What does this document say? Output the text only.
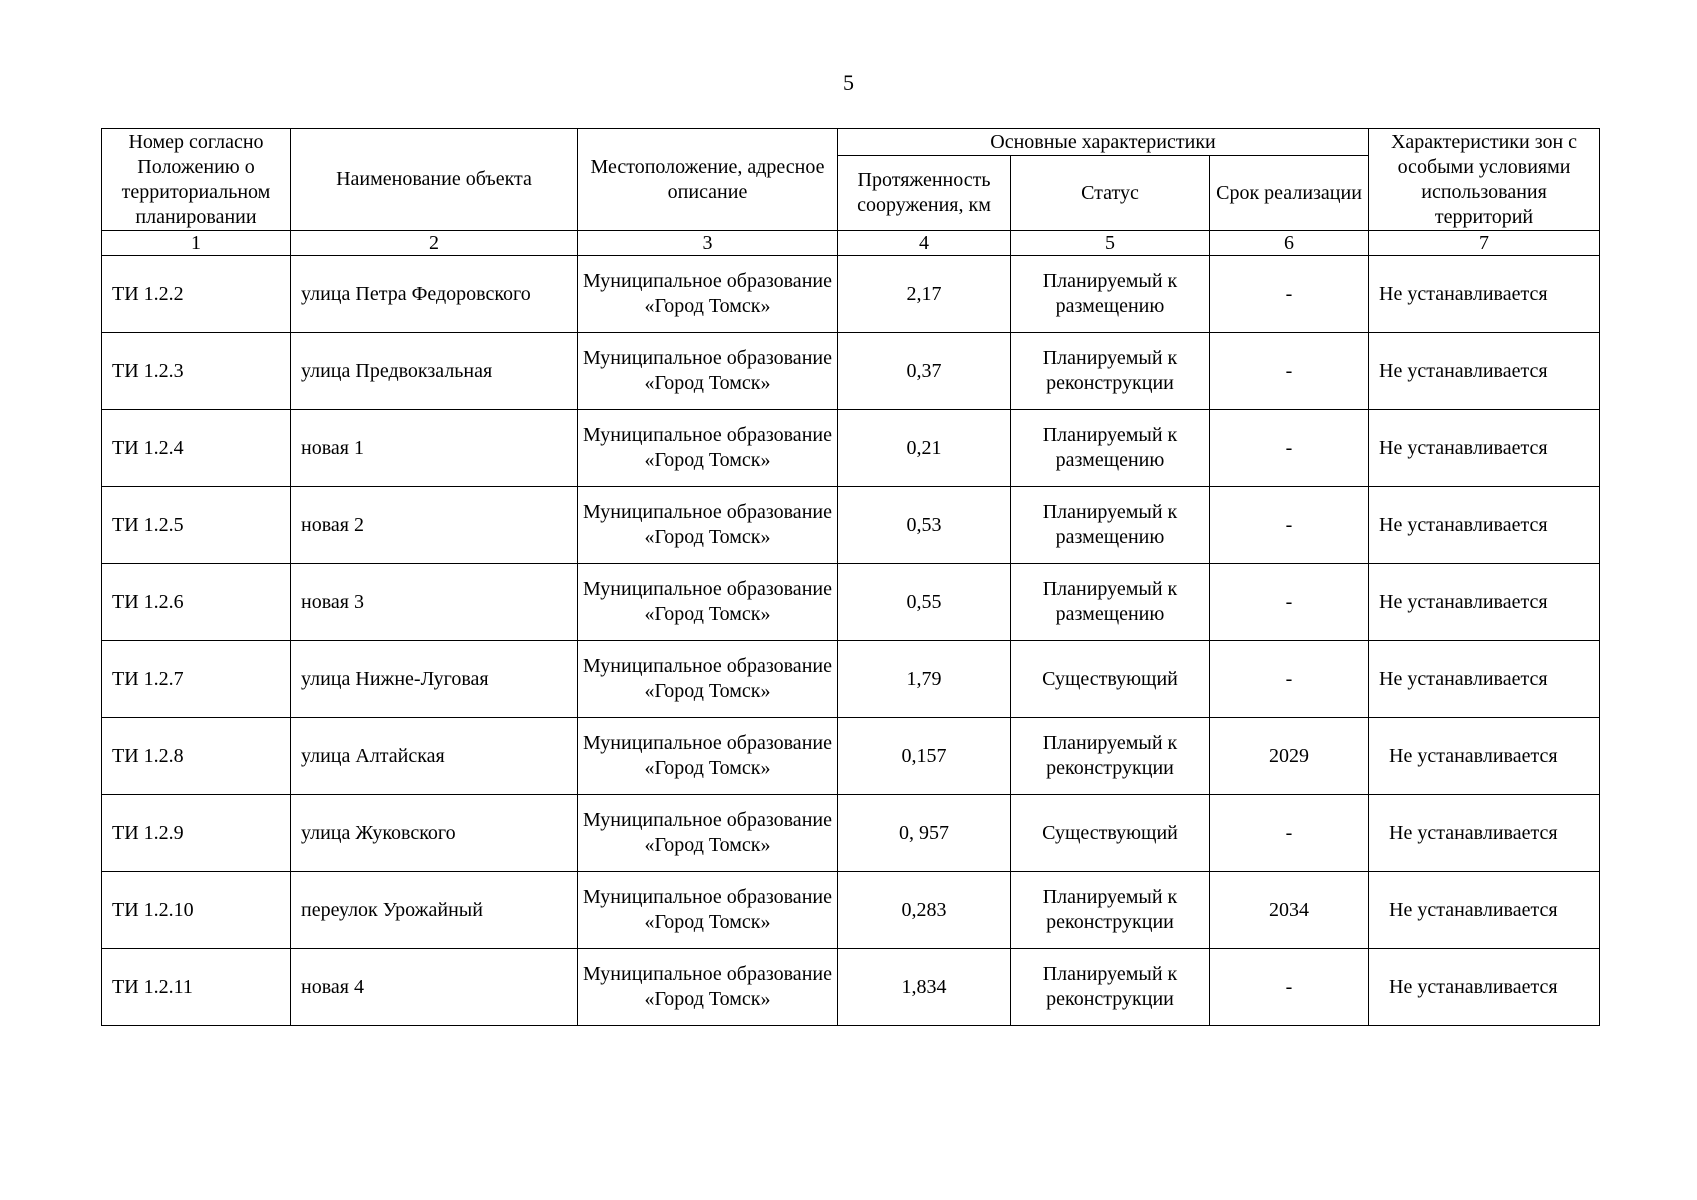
5
Номер согласно Положению о территориальном планировании	Наименование объекта	Местоположение, адресное описание	Основные характеристики			Характеристики зон с особыми условиями использования территорий
			Протяженность сооружения, км	Статус	Срок реализации	
1	2	3	4	5	6	7
ТИ 1.2.2	улица Петра Федоровского	Муниципальное образование «Город Томск»	2,17	Планируемый к размещению	-	Не устанавливается
ТИ 1.2.3	улица Предвокзальная	Муниципальное образование «Город Томск»	0,37	Планируемый к реконструкции	-	Не устанавливается
ТИ 1.2.4	новая 1	Муниципальное образование «Город Томск»	0,21	Планируемый к размещению	-	Не устанавливается
ТИ 1.2.5	новая 2	Муниципальное образование «Город Томск»	0,53	Планируемый к размещению	-	Не устанавливается
ТИ 1.2.6	новая 3	Муниципальное образование «Город Томск»	0,55	Планируемый к размещению	-	Не устанавливается
ТИ 1.2.7	улица Нижне-Луговая	Муниципальное образование «Город Томск»	1,79	Существующий	-	Не устанавливается
ТИ 1.2.8	улица Алтайская	Муниципальное образование «Город Томск»	0,157	Планируемый к реконструкции	2029	Не устанавливается
ТИ 1.2.9	улица Жуковского	Муниципальное образование «Город Томск»	0, 957	Существующий	-	Не устанавливается
ТИ 1.2.10	переулок Урожайный	Муниципальное образование «Город Томск»	0,283	Планируемый к реконструкции	2034	Не устанавливается
ТИ 1.2.11	новая 4	Муниципальное образование «Город Томск»	1,834	Планируемый к реконструкции	-	Не устанавливается
